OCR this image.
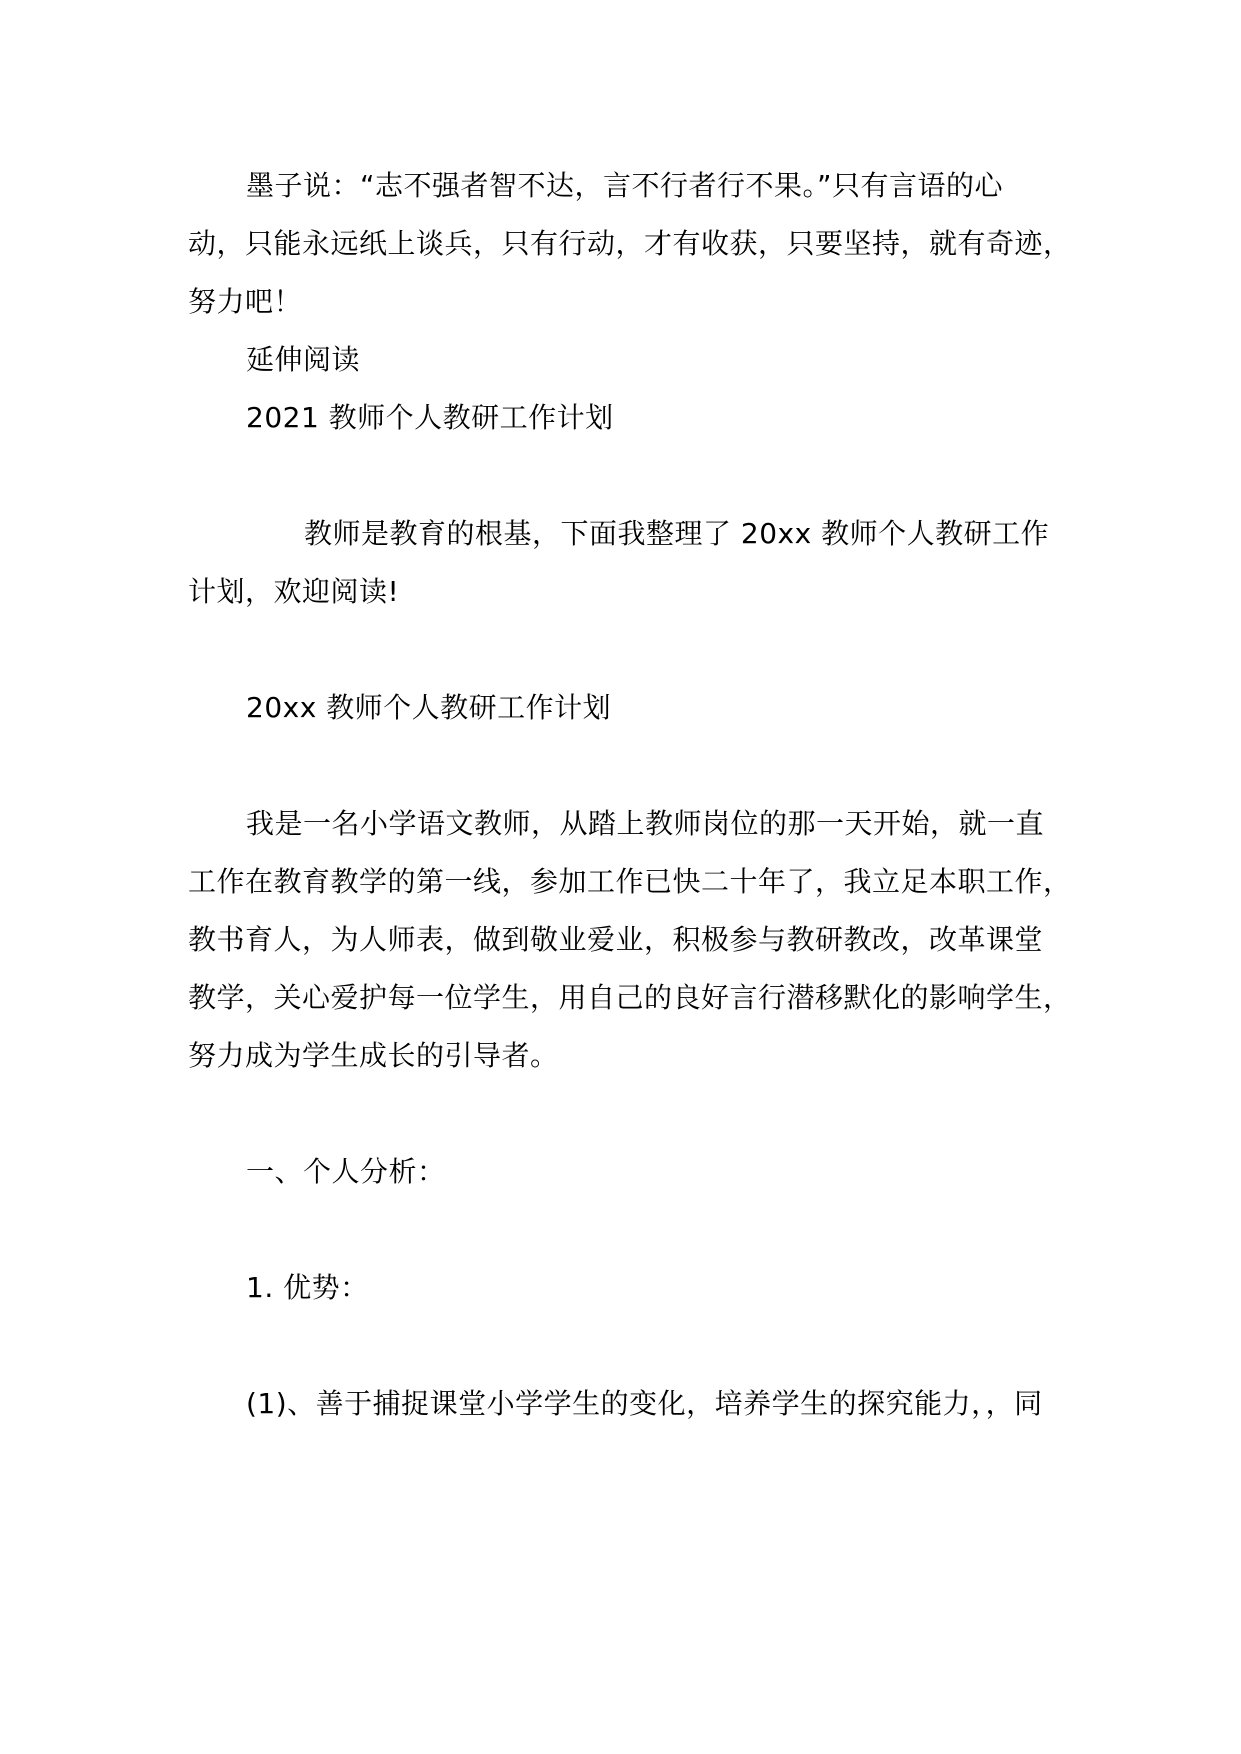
墨子说：“志不强者智不达，言不行者行不果。”只有言语的心
动，只能永远纸上谈兵，只有行动，才有收获，只要坚持，就有奇迹，
努力吧！
延伸阅读
2021 教师个人教研工作计划
教师是教育的根基，下面我整理了 20xx 教师个人教研工作
计划，欢迎阅读!
20xx 教师个人教研工作计划
我是一名小学语文教师，从踏上教师岗位的那一天开始，就一直
工作在教育教学的第一线，参加工作已快二十年了，我立足本职工作，
教书育人，为人师表，做到敬业爱业，积极参与教研教改，改革课堂
教学，关心爱护每一位学生，用自己的良好言行潜移默化的影响学生，
努力成为学生成长的引导者。
一、个人分析：
1. 优势：
(1)、善于捕捉课堂小学学生的变化，培养学生的探究能力，，同
